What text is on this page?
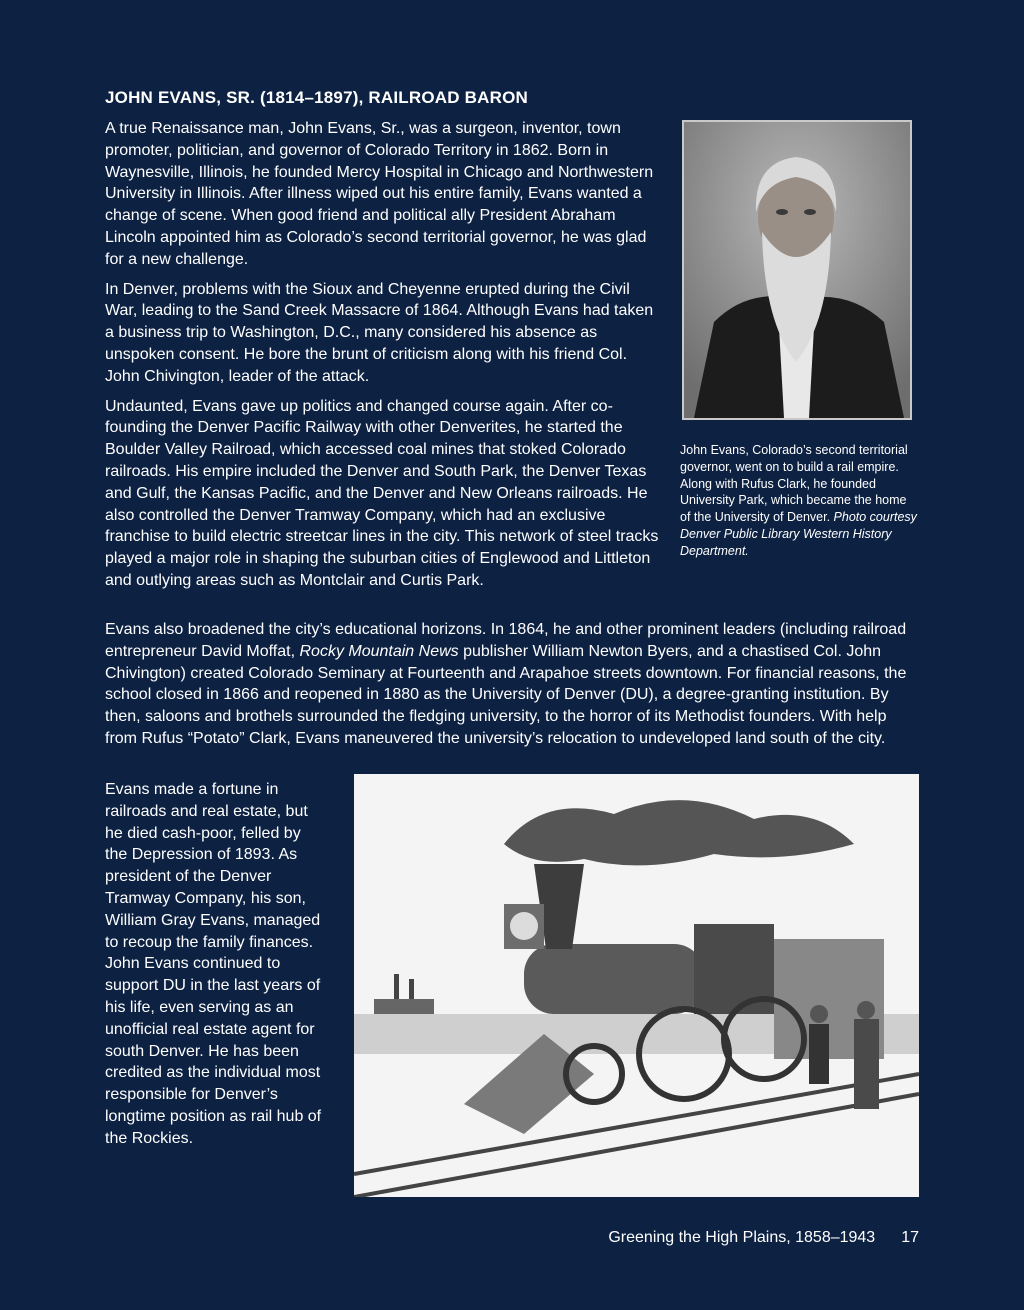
JOHN EVANS, SR. (1814–1897), RAILROAD BARON

A true Renaissance man, John Evans, Sr., was a surgeon, inventor, town promoter, politician, and governor of Colorado Territory in 1862. Born in Waynesville, Illinois, he founded Mercy Hospital in Chicago and Northwestern University in Illinois. After illness wiped out his entire family, Evans wanted a change of scene. When good friend and political ally President Abraham Lincoln appointed him as Colorado’s second territorial governor, he was glad for a new challenge.

In Denver, problems with the Sioux and Cheyenne erupted during the Civil War, leading to the Sand Creek Massacre of 1864. Although Evans had taken a business trip to Washington, D.C., many considered his absence as unspoken consent. He bore the brunt of criticism along with his friend Col. John Chivington, leader of the attack.

Undaunted, Evans gave up politics and changed course again. After co-founding the Denver Pacific Railway with other Denverites, he started the Boulder Valley Railroad, which accessed coal mines that stoked Colorado railroads. His empire included the Denver and South Park, the Denver Texas and Gulf, the Kansas Pacific, and the Denver and New Orleans railroads. He also controlled the Denver Tramway Company, which had an exclusive franchise to build electric streetcar lines in the city. This network of steel tracks played a major role in shaping the suburban cities of Englewood and Littleton and outlying areas such as Montclair and Curtis Park.

John Evans, Colorado’s second territorial governor, went on to build a rail empire. Along with Rufus Clark, he founded University Park, which became the home of the University of Denver. Photo courtesy Denver Public Library Western History Department.

Evans also broadened the city’s educational horizons. In 1864, he and other prominent leaders (including railroad entrepreneur David Moffat, Rocky Mountain News publisher William Newton Byers, and a chastised Col. John Chivington) created Colorado Seminary at Fourteenth and Arapahoe streets downtown. For financial reasons, the school closed in 1866 and reopened in 1880 as the University of Denver (DU), a degree-granting institution. By then, saloons and brothels surrounded the fledging university, to the horror of its Methodist founders. With help from Rufus “Potato” Clark, Evans maneuvered the university’s relocation to undeveloped land south of the city.

Evans made a fortune in railroads and real estate, but he died cash-poor, felled by the Depression of 1893. As president of the Denver Tramway Company, his son, William Gray Evans, managed to recoup the family finances. John Evans continued to support DU in the last years of his life, even serving as an unofficial real estate agent for south Denver. He has been credited as the individual most responsible for Denver’s longtime position as rail hub of the Rockies.

Greening the High Plains, 1858–1943 17
